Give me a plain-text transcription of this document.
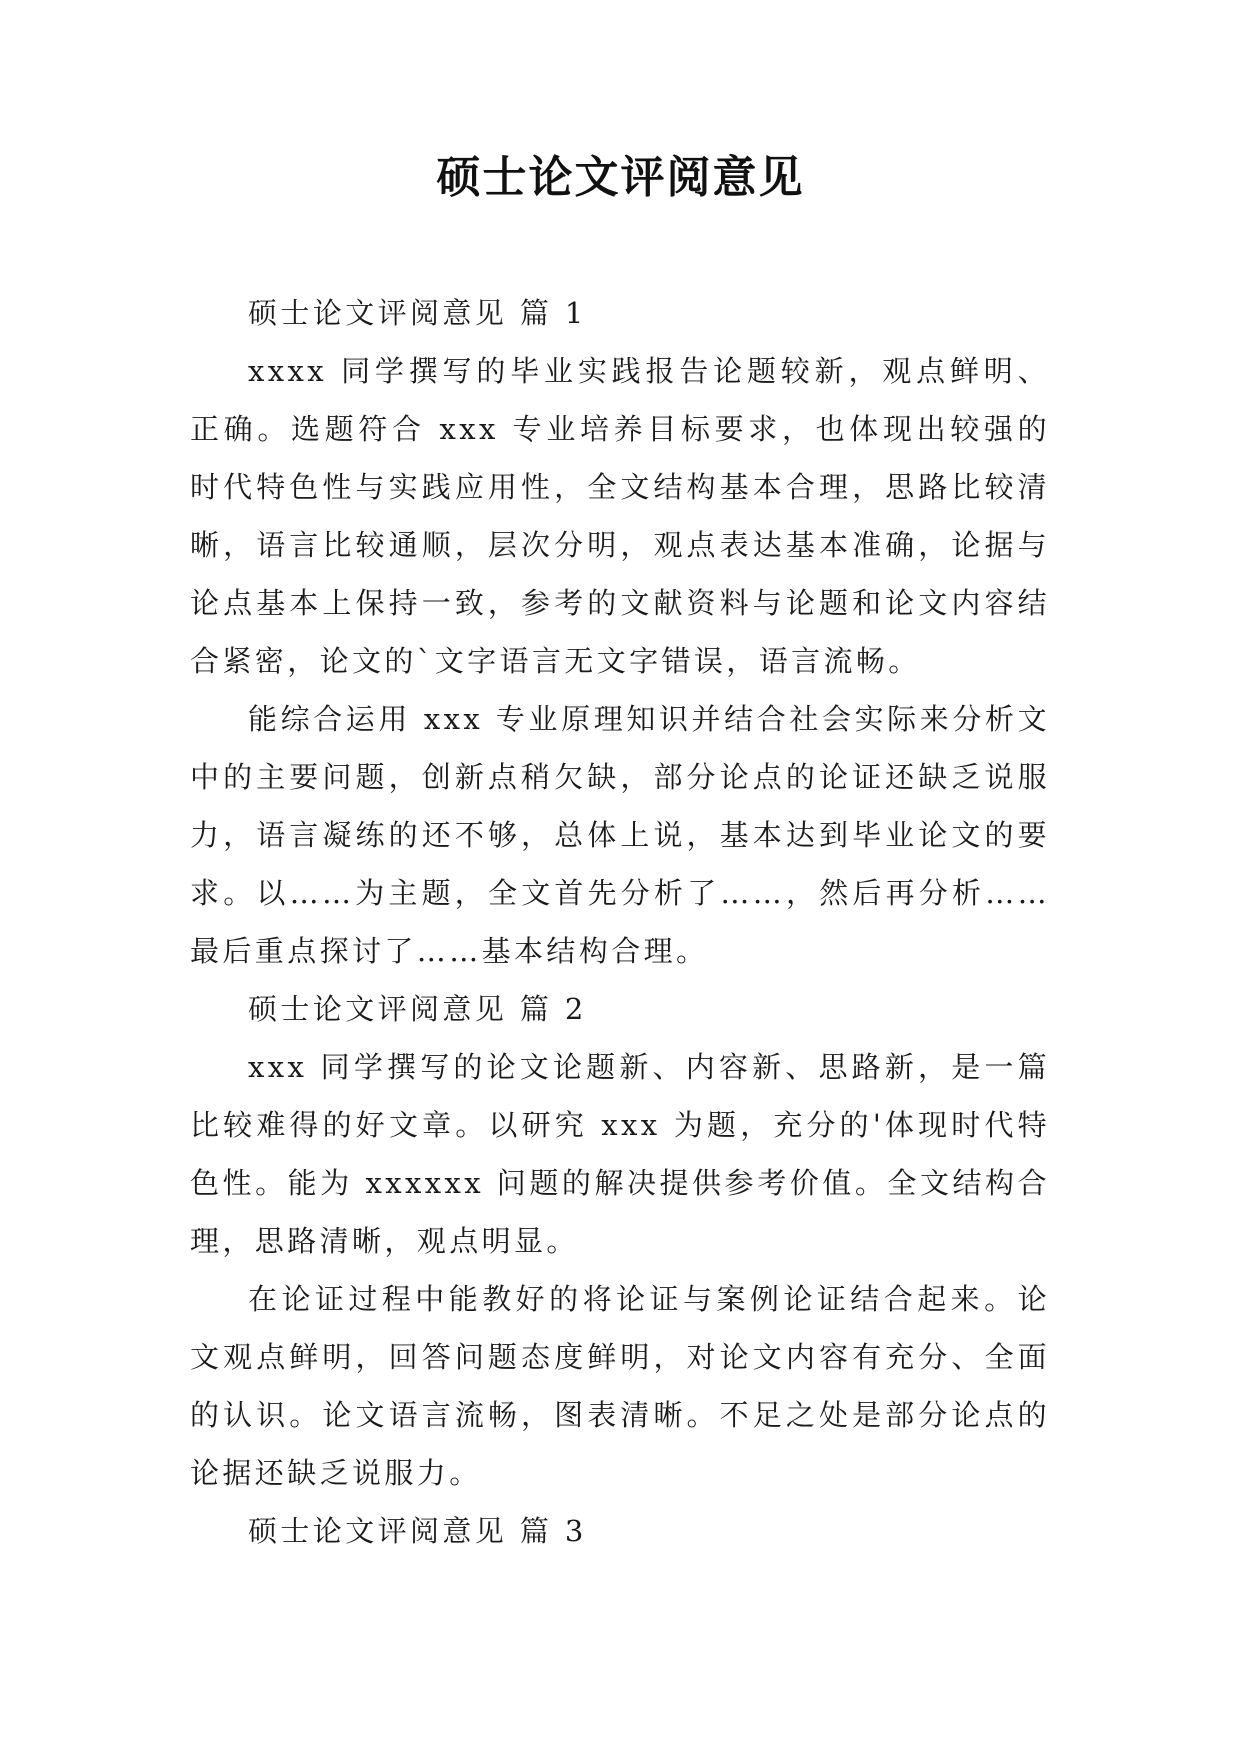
硕士论文评阅意见

硕士论文评阅意见 篇 1

xxxx 同学撰写的毕业实践报告论题较新，观点鲜明、正确。选题符合 xxx 专业培养目标要求，也体现出较强的时代特色性与实践应用性，全文结构基本合理，思路比较清晰，语言比较通顺，层次分明，观点表达基本准确，论据与论点基本上保持一致，参考的文献资料与论题和论文内容结合紧密，论文的`文字语言无文字错误，语言流畅。

能综合运用 xxx 专业原理知识并结合社会实际来分析文中的主要问题，创新点稍欠缺，部分论点的论证还缺乏说服力，语言凝练的还不够，总体上说，基本达到毕业论文的要求。以……为主题，全文首先分析了……，然后再分析……最后重点探讨了……基本结构合理。

硕士论文评阅意见 篇 2

xxx 同学撰写的论文论题新、内容新、思路新，是一篇比较难得的好文章。以研究 xxx 为题，充分的'体现时代特色性。能为 xxxxxx 问题的解决提供参考价值。全文结构合理，思路清晰，观点明显。

在论证过程中能教好的将论证与案例论证结合起来。论文观点鲜明，回答问题态度鲜明，对论文内容有充分、全面的认识。论文语言流畅，图表清晰。不足之处是部分论点的论据还缺乏说服力。

硕士论文评阅意见 篇 3
